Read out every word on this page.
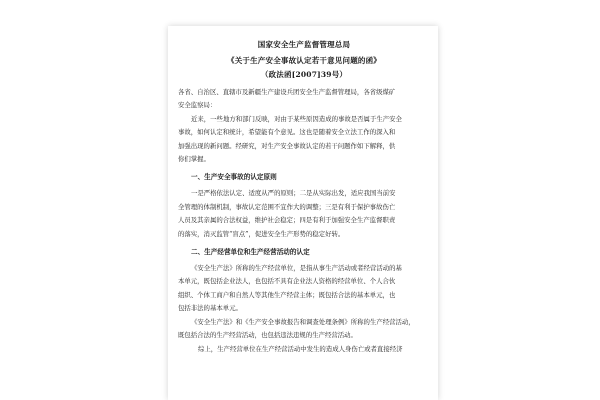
国家安全生产监督管理总局
《关于生产安全事故认定若干意见问题的函》
（政法函[2007]39号）
各省、自治区、直辖市及新疆生产建设兵团安全生产监督管理局，各省级煤矿
安全监察局：
近来，一些地方和部门反映，对由于某些原因造成的事故是否属于生产安全
事故，如何认定和统计，希望能有个意见。这也是随着安全立法工作的深入和
加强出现的新问题。经研究，对生产安全事故认定的若干问题作如下解释，供
你们掌握。
一、生产安全事故的认定原则
一是严格依法认定、适度从严的原则；二是从实际出发，适应我国当前安
全管理的体制机制，事故认定范围不宜作大的调整；三是有利于保护事故伤亡
人员及其亲属的合法权益，维护社会稳定；四是有利于加强安全生产监督职责
的落实，消灭监管“盲点”，促进安全生产形势的稳定好转。
二、生产经营单位和生产经营活动的认定
《安全生产法》所称的生产经营单位，是指从事生产活动或者经营活动的基
本单元，既包括企业法人，也包括不具有企业法人资格的经营单位、个人合伙
组织、个体工商户和自然人等其他生产经营主体；既包括合法的基本单元，也
包括非法的基本单元。
《安全生产法》和《生产安全事故报告和调查处理条例》所称的生产经营活动，
既包括合法的生产经营活动，也包括违法违规的生产经营活动。
综上，生产经营单位在生产经营活动中发生的造成人身伤亡或者直接经济
